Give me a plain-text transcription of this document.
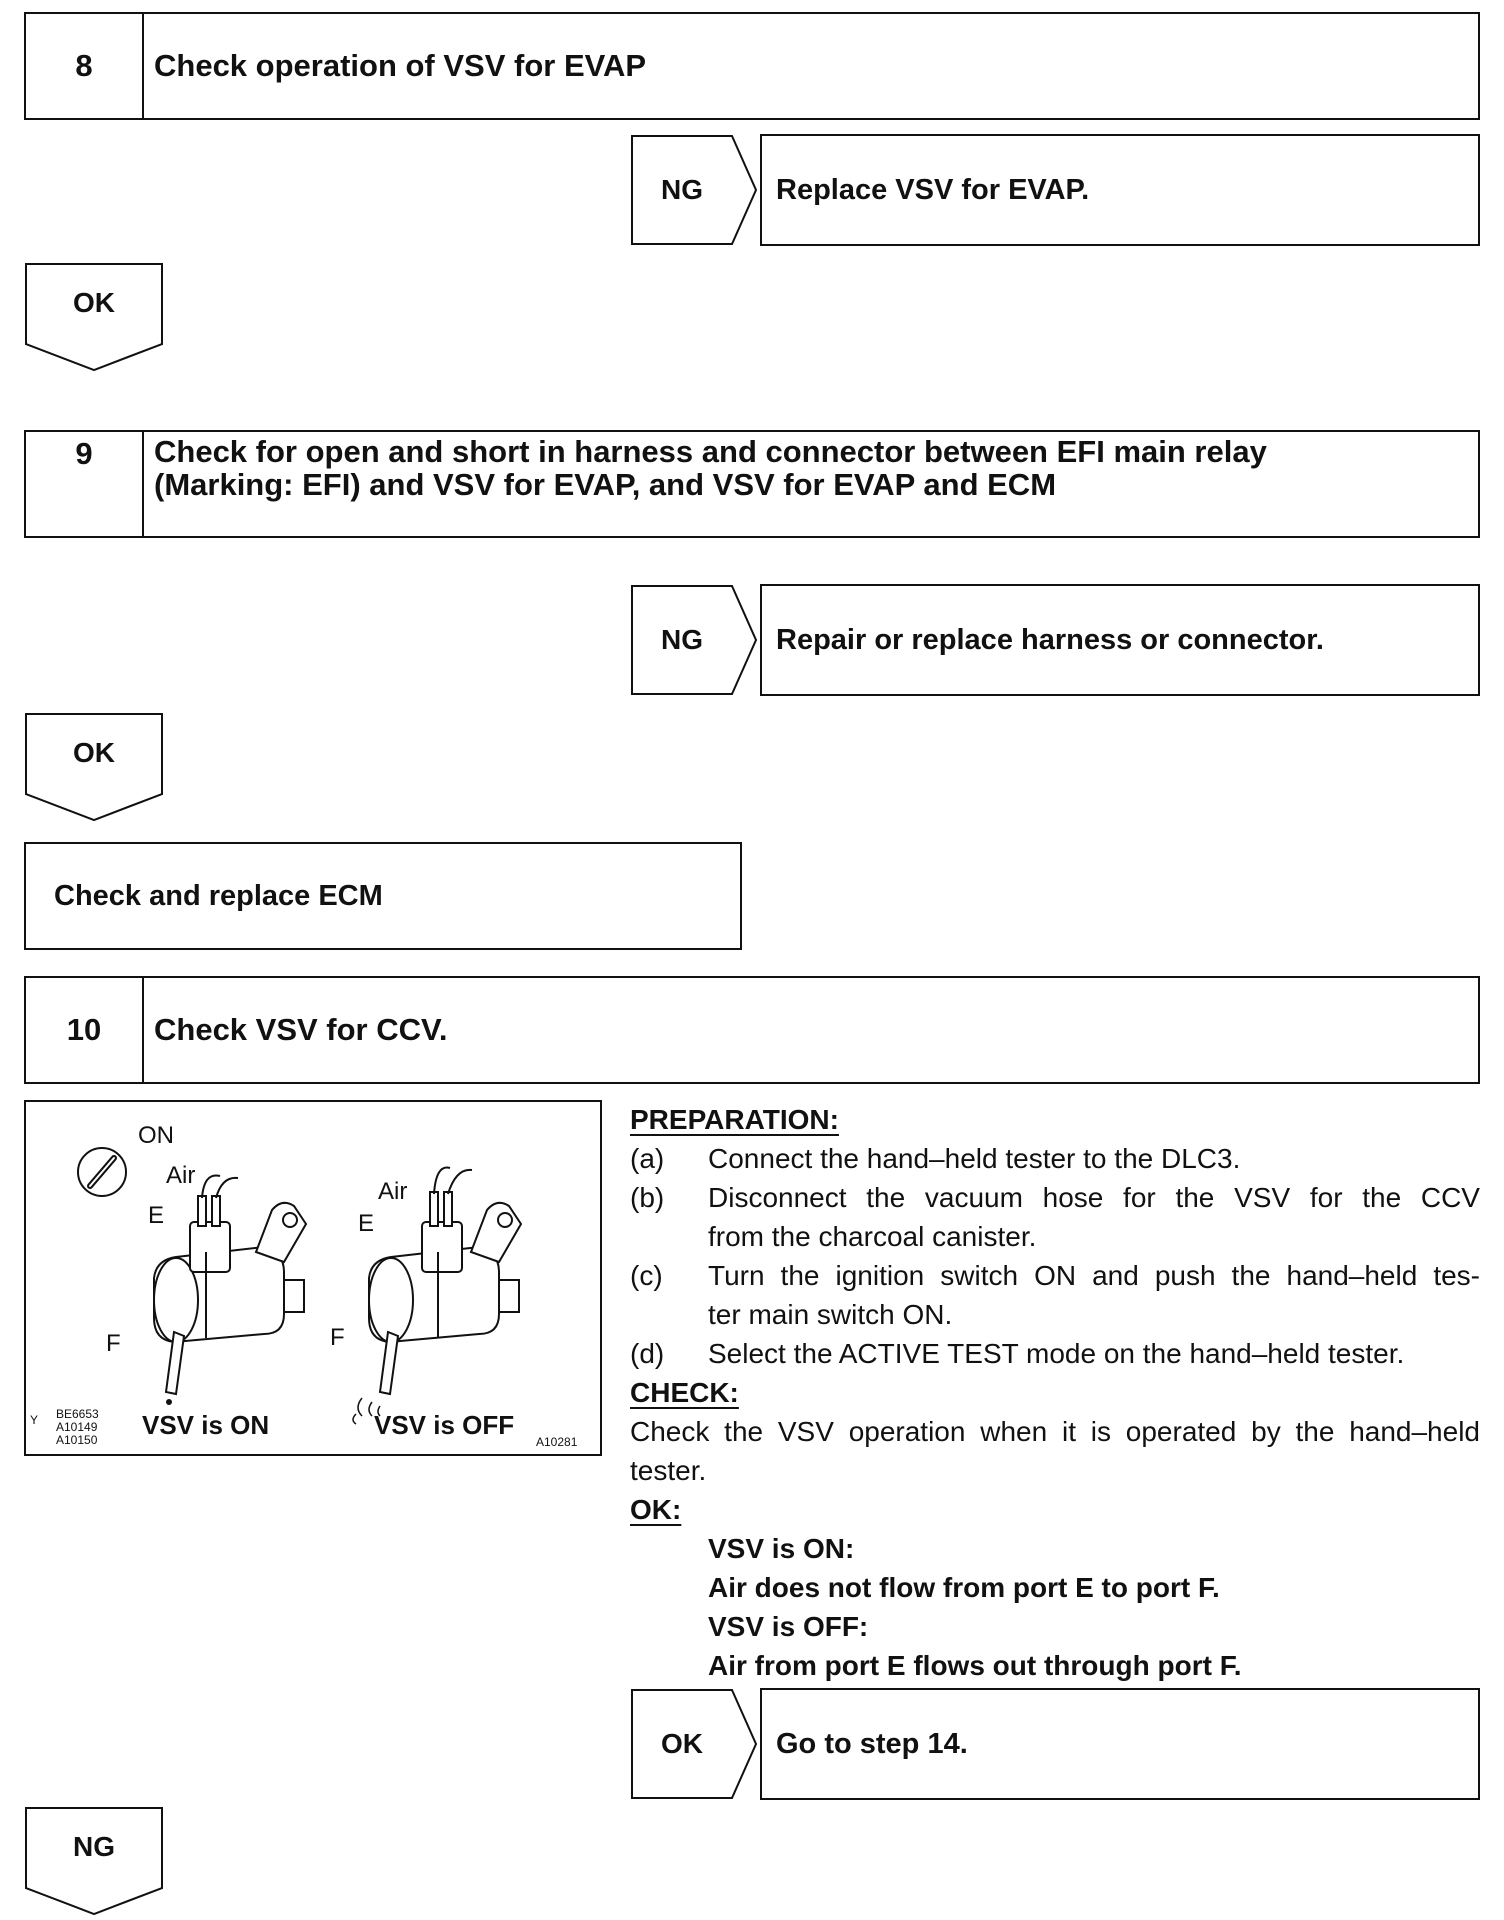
8	Check operation of VSV for EVAP
NG	Replace VSV for EVAP.
OK
9	Check for open and short in harness and connector between EFI main relay
(Marking: EFI) and VSV for EVAP, and VSV for EVAP and ECM
NG	Repair or replace harness or connector.
OK
Check and replace ECM
10	Check VSV for CCV.
ON
Air
E
F
Air
E
F
VSV is ON	VSV is OFF
Y BE6653
A10149
A10150	A10281
PREPARATION:
(a)	Connect the hand–held tester to the DLC3.
(b)	Disconnect the vacuum hose for the VSV for the CCV
from the charcoal canister.
(c)	Turn the ignition switch ON and push the hand–held tes-
ter main switch ON.
(d)	Select the ACTIVE TEST mode on the hand–held tester.
CHECK:
Check the VSV operation when it is operated by the hand–held
tester.
OK:
VSV is ON:
Air does not flow from port E to port F.
VSV is OFF:
Air from port E flows out through port F.
OK	Go to step 14.
NG
